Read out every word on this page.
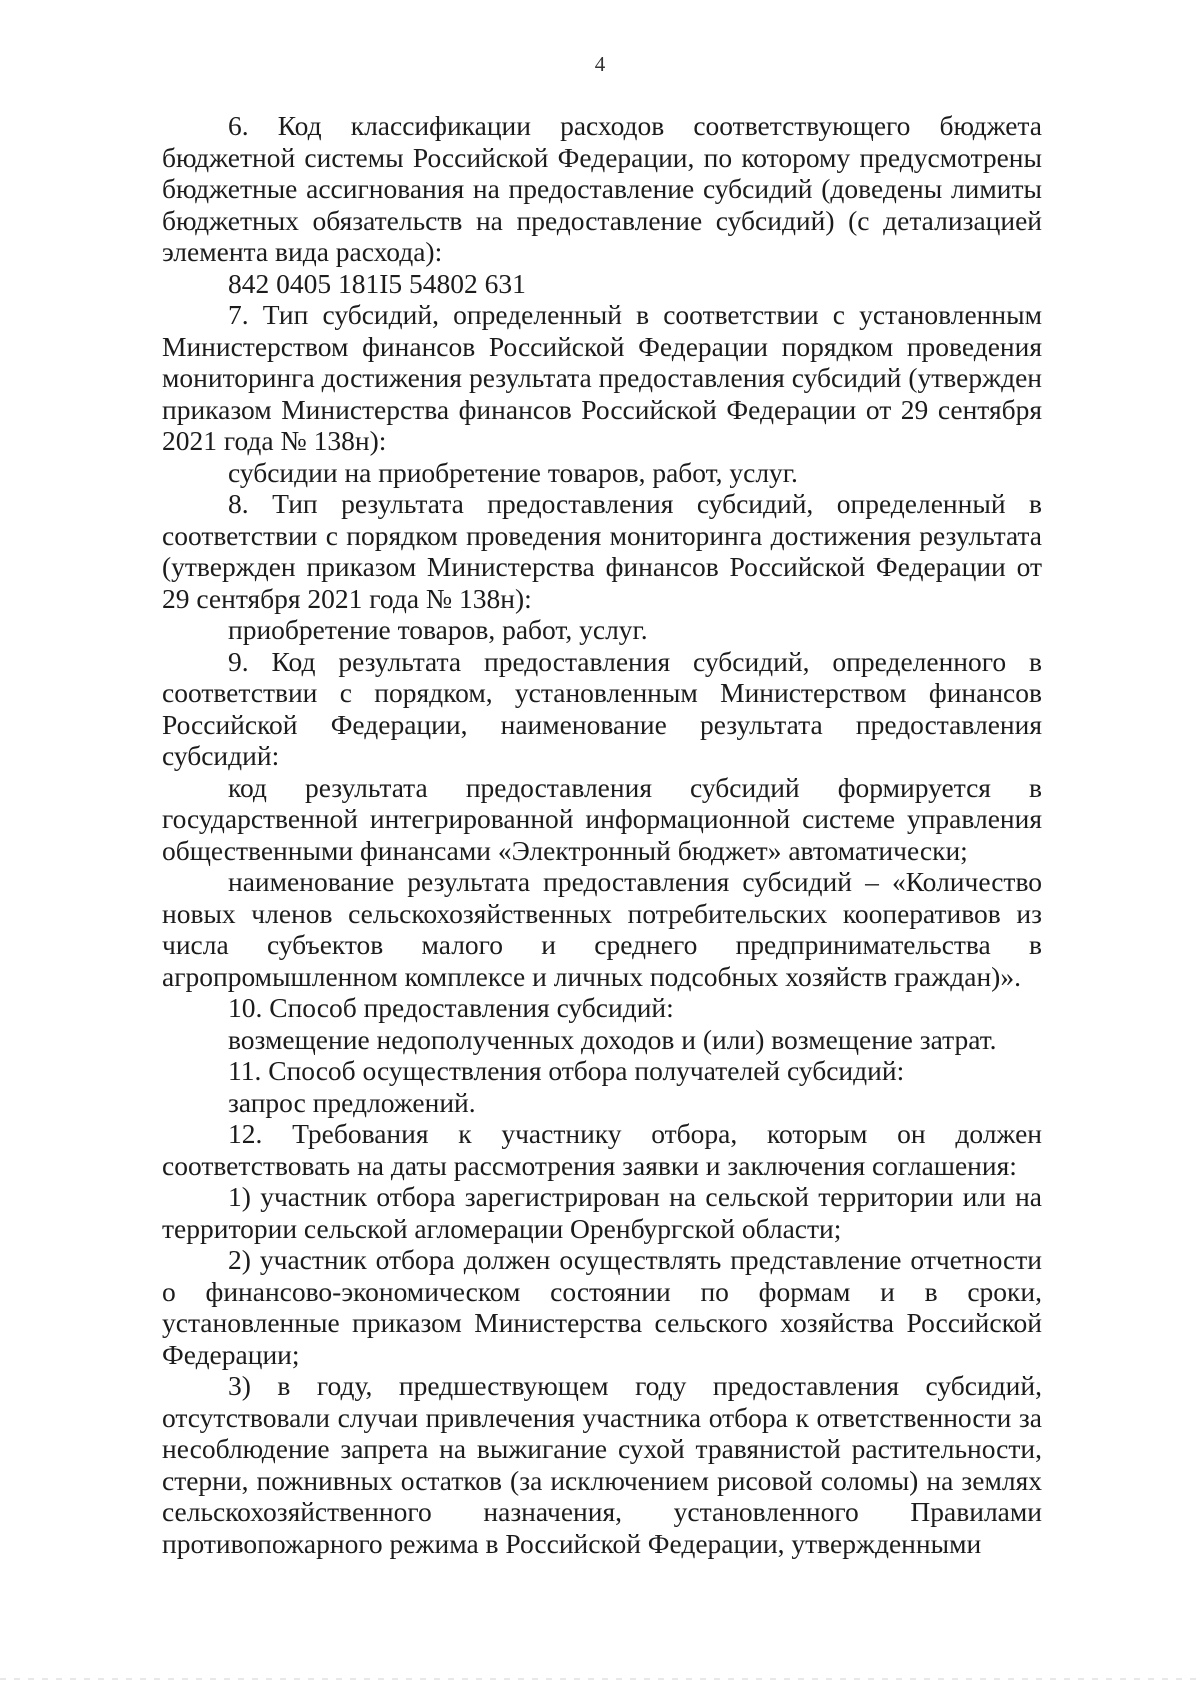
4

6. Код классификации расходов соответствующего бюджета бюджетной системы Российской Федерации, по которому предусмотрены бюджетные ассигнования на предоставление субсидий (доведены лимиты бюджетных обязательств на предоставление субсидий) (с детализацией элемента вида расхода):

842 0405 181I5 54802 631

7. Тип субсидий, определенный в соответствии с установленным Министерством финансов Российской Федерации порядком проведения мониторинга достижения результата предоставления субсидий (утвержден приказом Министерства финансов Российской Федерации от 29 сентября 2021 года № 138н):

субсидии на приобретение товаров, работ, услуг.

8. Тип результата предоставления субсидий, определенный в соответствии с порядком проведения мониторинга достижения результата (утвержден приказом Министерства финансов Российской Федерации от 29 сентября 2021 года № 138н):

приобретение товаров, работ, услуг.

9. Код результата предоставления субсидий, определенного в соответствии с порядком, установленным Министерством финансов Российской Федерации, наименование результата предоставления субсидий:

код результата предоставления субсидий формируется в государственной интегрированной информационной системе управления общественными финансами «Электронный бюджет» автоматически;

наименование результата предоставления субсидий – «Количество новых членов сельскохозяйственных потребительских кооперативов из числа субъектов малого и среднего предпринимательства в агропромышленном комплексе и личных подсобных хозяйств граждан)».

10. Способ предоставления субсидий:

возмещение недополученных доходов и (или) возмещение затрат.

11. Способ осуществления отбора получателей субсидий:

запрос предложений.

12. Требования к участнику отбора, которым он должен соответствовать на даты рассмотрения заявки и заключения соглашения:

1) участник отбора зарегистрирован на сельской территории или на территории сельской агломерации Оренбургской области;

2) участник отбора должен осуществлять представление отчетности о финансово-экономическом состоянии по формам и в сроки, установленные приказом Министерства сельского хозяйства Российской Федерации;

3) в году, предшествующем году предоставления субсидий, отсутствовали случаи привлечения участника отбора к ответственности за несоблюдение запрета на выжигание сухой травянистой растительности, стерни, пожнивных остатков (за исключением рисовой соломы) на землях сельскохозяйственного назначения, установленного Правилами противопожарного режима в Российской Федерации, утвержденными
